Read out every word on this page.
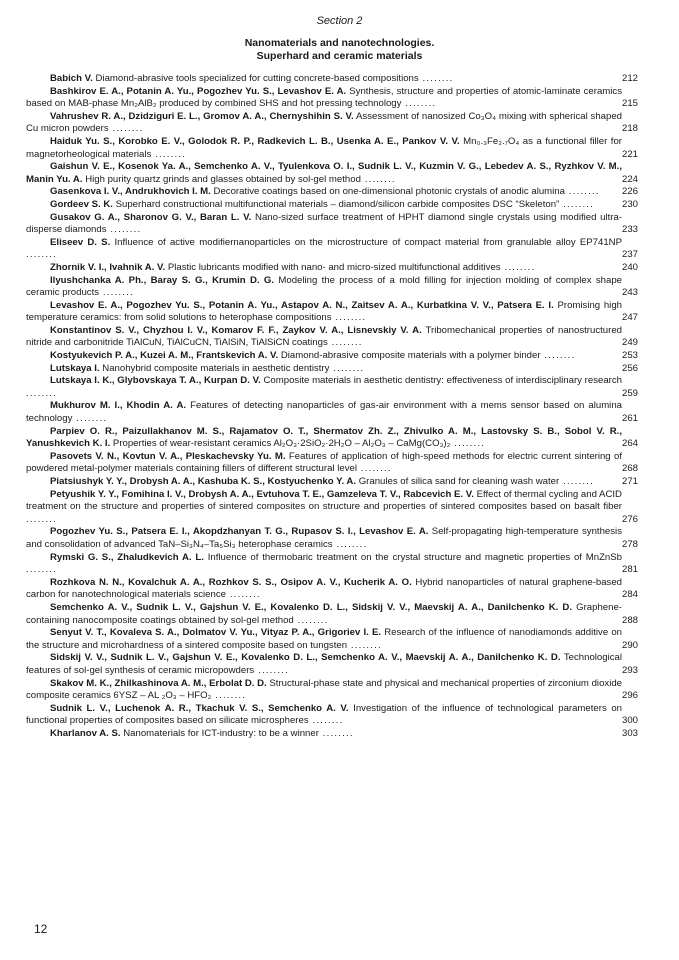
Section 2
Nanomaterials and nanotechnologies.
Superhard and ceramic materials
Babich V. Diamond-abrasive tools specialized for cutting concrete-based compositions ........	212
Bashkirov E. A., Potanin A. Yu., Pogozhev Yu. S., Levashov E. A. Synthesis, structure and properties of atomic-laminate ceramics based on MAB-phase Mn₂AlB₂ produced by combined SHS and hot pressing technology ........	215
Vahrushev R. A., Dzidziguri E. L., Gromov A. A., Chernyshihin S. V. Assessment of nanosized Co₃O₄ mixing with spherical shaped Cu micron powders ........	218
Haiduk Yu. S., Korobko E. V., Golodok R. P., Radkevich L. B., Usenka A. E., Pankov V. V. Mn₀.₃Fe₂.₇O₄ as a functional filler for magnetorheological materials ........	221
Gaishun V. E., Kosenok Ya. A., Semchenko A. V., Tyulenkova O. I., Sudnik L. V., Kuzmin V. G., Lebedev A. S., Ryzhkov V. M., Manin Yu. A. High purity quartz grinds and glasses obtained by sol-gel method ........	224
Gasenkova I. V., Andrukhovich I. M. Decorative coatings based on one-dimensional photonic crystals of anodic alumina ........	226
Gordeev S. K. Superhard constructional multifunctional materials – diamond/silicon carbide composites DSC “Skeleton” ........	230
Gusakov G. A., Sharonov G. V., Baran L. V. Nano-sized surface treatment of HPHT diamond single crystals using modified ultra-disperse diamonds ........	233
Eliseev D. S. Influence of active modifiernanoparticles on the microstructure of compact material from granulable alloy EP741NP ........	237
Zhornik V. I., Ivahnik A. V. Plastic lubricants modified with nano- and micro-sized multifunctional additives ........	240
Ilyushchanka A. Ph., Baray S. G., Krumin D. G. Modeling the process of a mold filling for injection molding of complex shape ceramic products ........	243
Levashov E. A., Pogozhev Yu. S., Potanin A. Yu., Astapov A. N., Zaitsev A. A., Kurbatkina V. V., Patsera E. I. Promising high temperature ceramics: from solid solutions to heterophase compositions ........	247
Konstantinov S. V., Chyzhou I. V., Komarov F. F., Zaykov V. A., Lisnevskiy V. A. Tribomechanical properties of nanostructured nitride and carbonitride TiAlCuN, TiAlCuCN, TiAlSiN, TiAlSiCN coatings ........	249
Kostyukevich P. A., Kuzei A. M., Frantskevich A. V. Diamond-abrasive composite materials with a polymer binder ........	253
Lutskaya I. Nanohybrid composite materials in aesthetic dentistry ........	256
Lutskaya I. K., Glybovskaya T. A., Kurpan D. V. Composite materials in aesthetic dentistry: effectiveness of interdisciplinary research ........	259
Mukhurov M. I., Khodin A. A. Features of detecting nanoparticles of gas-air environment with a mems sensor based on alumina technology ........	261
Parpiev O. R., Paizullakhanov M. S., Rajamatov O. T., Shermatov Zh. Z., Zhivulko A. M., Lastovsky S. B., Sobol V. R., Yanushkevich K. I. Properties of wear-resistant ceramics Al₂O₃·2SiO₂·2H₂O – Al₂O₃ – CaMg(CO₃)₂ ........	264
Pasovets V. N., Kovtun V. A., Pleskachevsky Yu. M. Features of application of high-speed methods for electric current sintering of powdered metal-polymer materials containing fillers of different structural level ........	268
Piatsiushyk Y. Y., Drobysh A. A., Kashuba K. S., Kostyuchenko Y. A. Granules of silica sand for cleaning wash water ........	271
Petyushik Y. Y., Fomihina I. V., Drobysh A. A., Evtuhova T. E., Gamzeleva T. V., Rabcevich E. V. Effect of thermal cycling and ACID treatment on the structure and properties of sintered composites on structure and properties of sintered composites based on basalt fiber ........	276
Pogozhev Yu. S., Patsera E. I., Akopdzhanyan T. G., Rupasov S. I., Levashov E. A. Self-propagating high-temperature synthesis and consolidation of advanced TaN–Si₃N₄–Ta₅Si₃ heterophase ceramics ........	278
Rymski G. S., Zhaludkevich A. L. Influence of thermobaric treatment on the crystal structure and magnetic properties of MnZnSb ........	281
Rozhkova N. N., Kovalchuk A. A., Rozhkov S. S., Osipov A. V., Kucherik A. O. Hybrid nanoparticles of natural graphene-based carbon for nanotechnological materials science ........	284
Semchenko A. V., Sudnik L. V., Gajshun V. E., Kovalenko D. L., Sidskij V. V., Maevskij A. A., Danilchenko K. D. Graphene-containing nanocomposite coatings obtained by sol-gel method ........	288
Senyut V. T., Kovaleva S. A., Dolmatov V. Yu., Vityaz P. A., Grigoriev I. E. Research of the influence of nanodiamonds additive on the structure and microhardness of a sintered composite based on tungsten ........	290
Sidskij V. V., Sudnik L. V., Gajshun V. E., Kovalenko D. L., Semchenko A. V., Maevskij A. A., Danilchenko K. D. Technological features of sol-gel synthesis of ceramic micropowders ........	293
Skakov M. K., Zhilkashinova A. M., Erbolat D. D. Structural-phase state and physical and mechanical properties of zirconium dioxide composite ceramics 6YSZ – AL ₂O₃ – HFO₂ ........	296
Sudnik L. V., Luchenok A. R., Tkachuk V. S., Semchenko A. V. Investigation of the influence of technological parameters on functional properties of composites based on silicate microspheres ........	300
Kharlanov A. S. Nanomaterials for ICT-industry: to be a winner ........	303
12
